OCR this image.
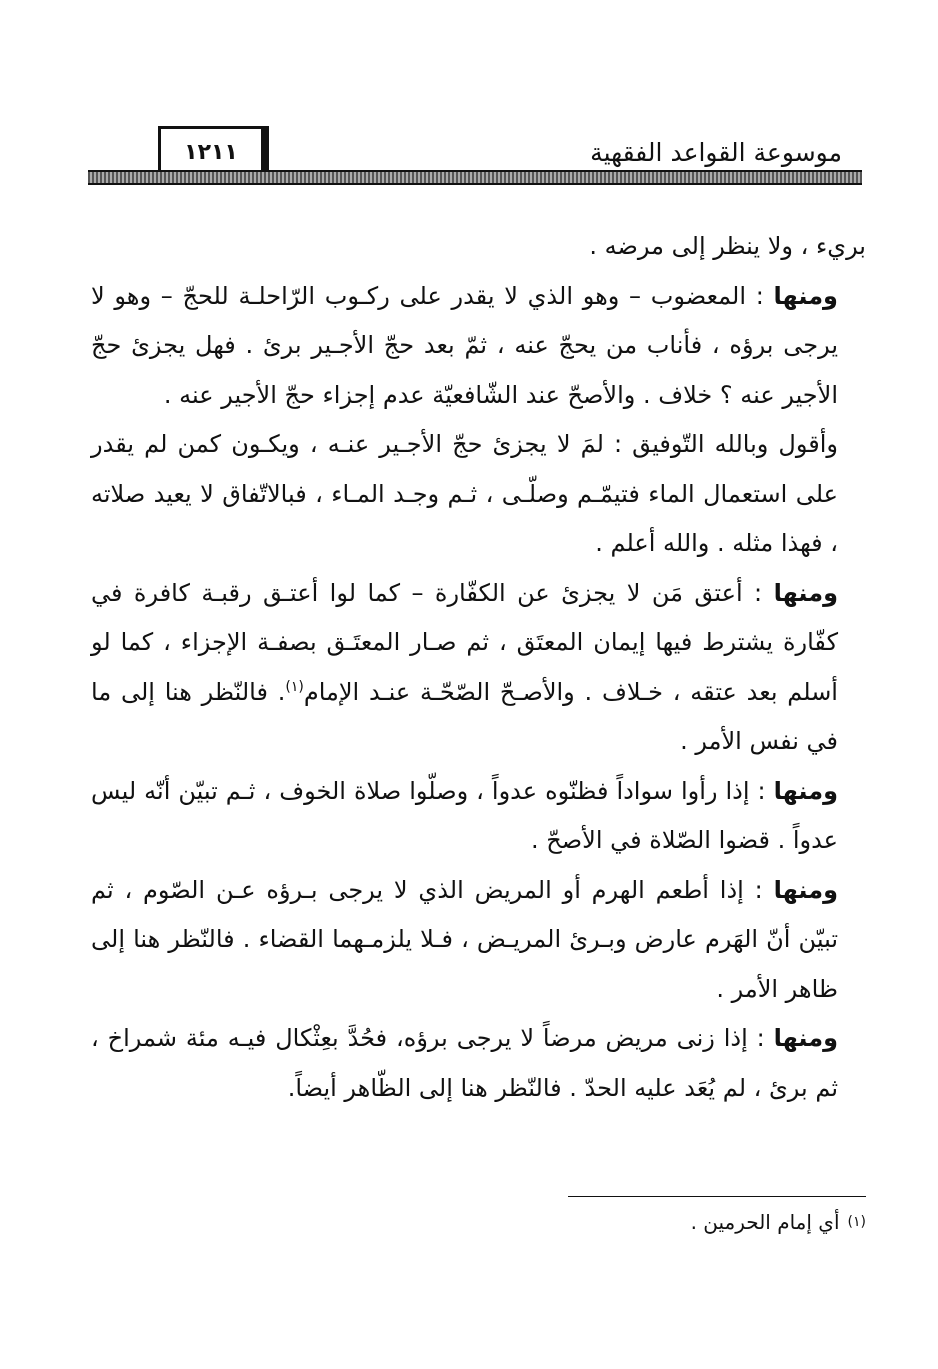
موسوعة القواعد الفقهية
١٢١١

بريء ، ولا ينظر إلى مرضه .

ومنها : المعضوب – وهو الذي لا يقدر على ركـوب الرّاحلـة للحجّ – وهو لا يرجى برؤه ، فأناب من يحجّ عنه ، ثمّ بعد حجّ الأجـير برئ . فهل يجزئ حجّ الأجير عنه ؟ خلاف . والأصحّ عند الشّافعيّة عدم إجزاء حجّ الأجير عنه .

وأقول وبالله التّوفيق : لمَ لا يجزئ حجّ الأجـير عنـه ، ويكـون كمن لم يقدر على استعمال الماء فتيمّـم وصلّـى ، ثـم وجـد المـاء ، فبالاتّفاق لا يعيد صلاته ، فهذا مثله . والله أعلم .

ومنها : أعتق مَن لا يجزئ عن الكفّارة – كما لوا أعتـق رقبـة كافرة في كفّارة يشترط فيها إيمان المعتَق ، ثم صـار المعتَـق بصفـة الإجزاء ، كما لو أسلم بعد عتقه ، خـلاف . والأصـحّ الصّحّـة عنـد الإمام$^{(١)}$. فالنّظر هنا إلى ما في نفس الأمر .

ومنها : إذا رأوا سواداً فظنّوه عدواً ، وصلّوا صلاة الخوف ، ثـم تبيّن أنّه ليس عدواً . قضوا الصّلاة في الأصحّ .

ومنها : إذا أطعم الهرم أو المريض الذي لا يرجى بـرؤه عـن الصّوم ، ثم تبيّن أنّ الهَرم عارض وبـرئ المريـض ، فـلا يلزمـهما القضاء . فالنّظر هنا إلى ظاهر الأمر .

ومنها : إذا زنى مريض مرضاً لا يرجى برؤه، فحُدَّ بعِثْكال فيـه مئة شمراخ ، ثم برئ ، لم يُعَد عليه الحدّ . فالنّظر هنا إلى الظّاهر أيضاً.

$^{(١)}$أي إمام الحرمين .
